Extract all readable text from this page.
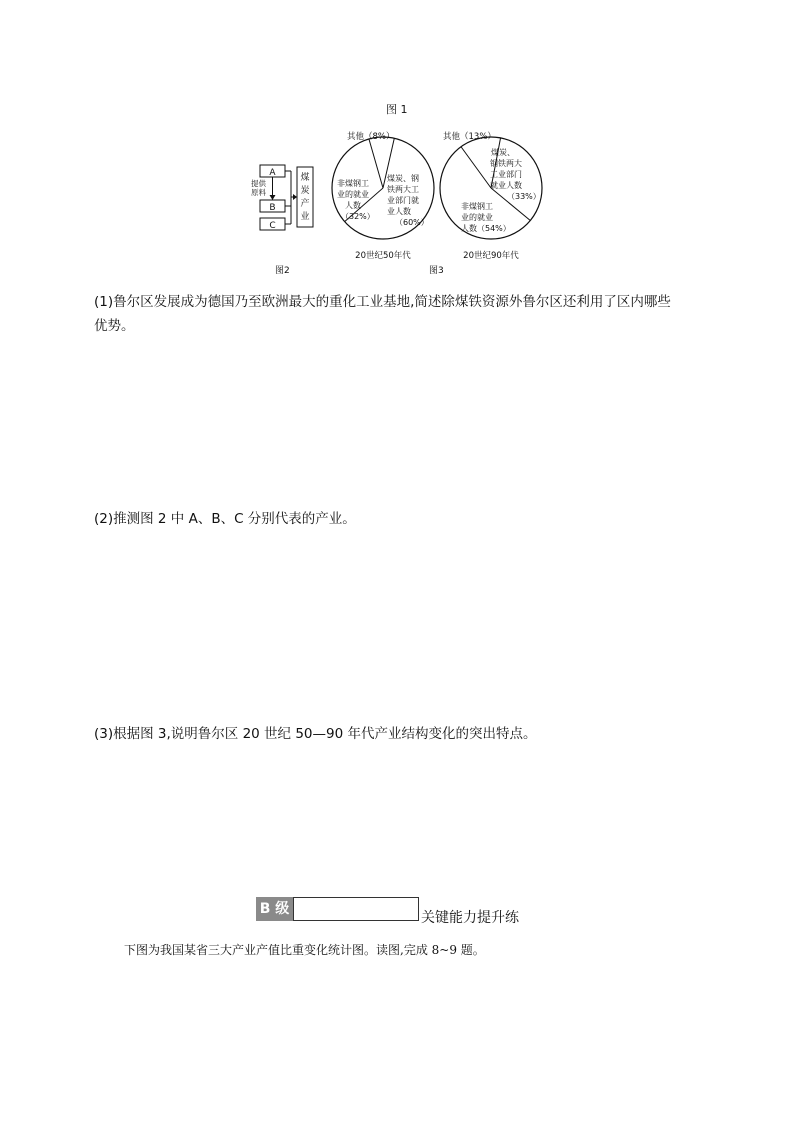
图 1
A
B
C
提供
原料
煤
炭
产
业
图2
其他（8%）
煤炭、钢
铁两大工
业部门就
业人数
（60%）
非煤钢工
业的就业
人数
（32%）
20世纪50年代
其他（13%）
煤炭、
钢铁两大
工业部门
就业人数
（33%）
非煤钢工
业的就业
人数（54%）
20世纪90年代
图3
(1)鲁尔区发展成为德国乃至欧洲最大的重化工业基地,简述除煤铁资源外鲁尔区还利用了区内哪些
优势。
(2)推测图 2 中 A、B、C 分别代表的产业。
(3)根据图 3,说明鲁尔区 20 世纪 50—90 年代产业结构变化的突出特点。
B 级
关键能力提升练
下图为我国某省三大产业产值比重变化统计图。读图,完成 8~9 题。
